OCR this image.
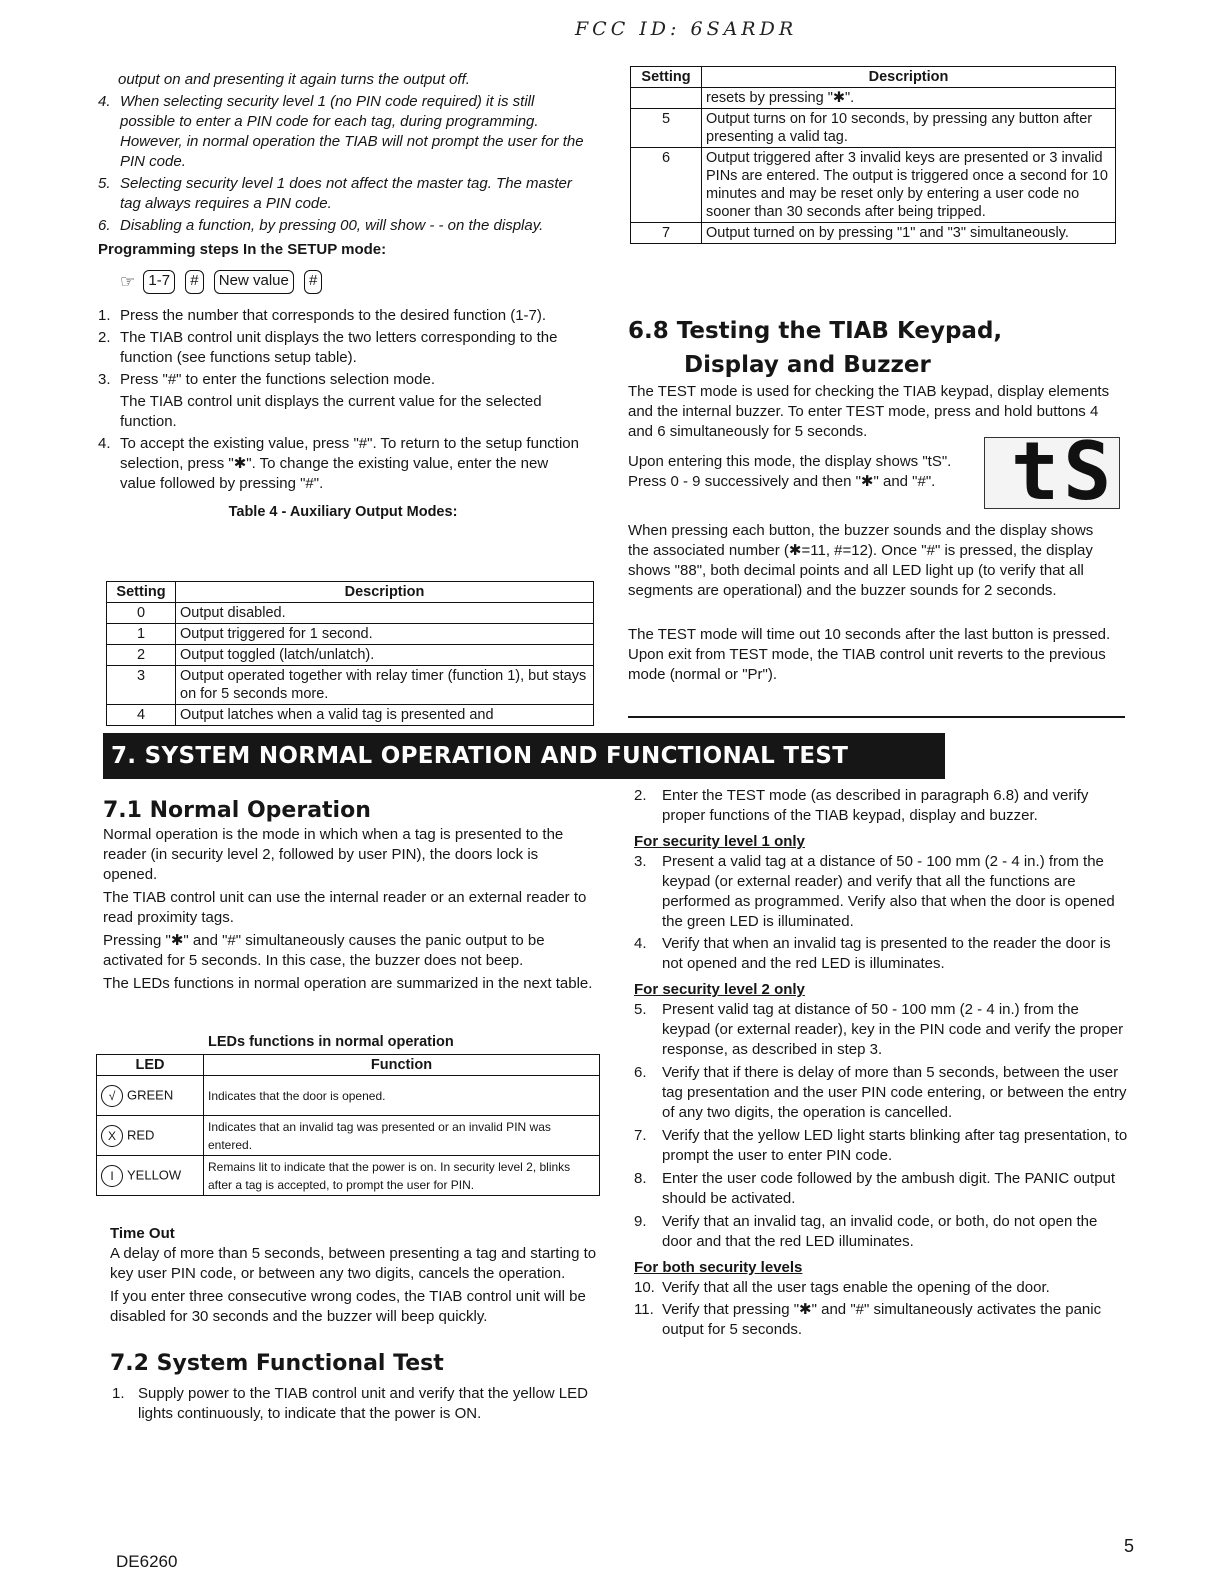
FCC ID: 6SARDR
output on and presenting it again turns the output off.
4. When selecting security level 1 (no PIN code required) it is still possible to enter a PIN code for each tag, during programming. However, in normal operation the TIAB will not prompt the user for the PIN code.
5. Selecting security level 1 does not affect the master tag. The master tag always requires a PIN code.
6. Disabling a function, by pressing 00, will show - - on the display.
Programming steps In the SETUP mode:
☞ 1-7 # New value #
1. Press the number that corresponds to the desired function (1-7).
2. The TIAB control unit displays the two letters corresponding to the function (see functions setup table).
3. Press "#" to enter the functions selection mode.
The TIAB control unit displays the current value for the selected function.
4. To accept the existing value, press "#". To return to the setup function selection, press "✱". To change the existing value, enter the new value followed by pressing "#".
Table 4 - Auxiliary Output Modes:
Setting	Description
0	Output disabled.
1	Output triggered for 1 second.
2	Output toggled (latch/unlatch).
3	Output operated together with relay timer (function 1), but stays on for 5 seconds more.
4	Output latches when a valid tag is presented and
Setting	Description
	resets by pressing "✱".
5	Output turns on for 10 seconds, by pressing any button after presenting a valid tag.
6	Output triggered after 3 invalid keys are presented or 3 invalid PINs are entered. The output is triggered once a second for 10 minutes and may be reset only by entering a user code no sooner than 30 seconds after being tripped.
7	Output turned on by pressing "1" and "3" simultaneously.
6.8 Testing the TIAB Keypad,
Display and Buzzer
The TEST mode is used for checking the TIAB keypad, display elements and the internal buzzer. To enter TEST mode, press and hold buttons 4 and 6 simultaneously for 5 seconds.
Upon entering this mode, the display shows "tS". Press 0 - 9 successively and then "✱" and "#". tS
When pressing each button, the buzzer sounds and the display shows the associated number (✱=11, #=12). Once "#" is pressed, the display shows "88", both decimal points and all LED light up (to verify that all segments are operational) and the buzzer sounds for 2 seconds.
The TEST mode will time out 10 seconds after the last button is pressed. Upon exit from TEST mode, the TIAB control unit reverts to the previous mode (normal or "Pr").
7. SYSTEM NORMAL OPERATION AND FUNCTIONAL TEST
7.1 Normal Operation
Normal operation is the mode in which when a tag is presented to the reader (in security level 2, followed by user PIN), the doors lock is opened.
The TIAB control unit can use the internal reader or an external reader to read proximity tags.
Pressing "✱" and "#" simultaneously causes the panic output to be activated for 5 seconds. In this case, the buzzer does not beep.
The LEDs functions in normal operation are summarized in the next table.
LEDs functions in normal operation
LED	Function
√ GREEN	Indicates that the door is opened.
X RED	Indicates that an invalid tag was presented or an invalid PIN was entered.
I YELLOW	Remains lit to indicate that the power is on. In security level 2, blinks after a tag is accepted, to prompt the user for PIN.
Time Out
A delay of more than 5 seconds, between presenting a tag and starting to key user PIN code, or between any two digits, cancels the operation.
If you enter three consecutive wrong codes, the TIAB control unit will be disabled for 30 seconds and the buzzer will beep quickly.
7.2 System Functional Test
1. Supply power to the TIAB control unit and verify that the yellow LED lights continuously, to indicate that the power is ON.
2. Enter the TEST mode (as described in paragraph 6.8) and verify proper functions of the TIAB keypad, display and buzzer.
For security level 1 only
3. Present a valid tag at a distance of 50 - 100 mm (2 - 4 in.) from the keypad (or external reader) and verify that all the functions are performed as programmed. Verify also that when the door is opened the green LED is illuminated.
4. Verify that when an invalid tag is presented to the reader the door is not opened and the red LED is illuminates.
For security level 2 only
5. Present valid tag at distance of 50 - 100 mm (2 - 4 in.) from the keypad (or external reader), key in the PIN code and verify the proper response, as described in step 3.
6. Verify that if there is delay of more than 5 seconds, between the user tag presentation and the user PIN code entering, or between the entry of any two digits, the operation is cancelled.
7. Verify that the yellow LED light starts blinking after tag presentation, to prompt the user to enter PIN code.
8. Enter the user code followed by the ambush digit. The PANIC output should be activated.
9. Verify that an invalid tag, an invalid code, or both, do not open the door and that the red LED illuminates.
For both security levels
10. Verify that all the user tags enable the opening of the door.
11. Verify that pressing "✱" and "#" simultaneously activates the panic output for 5 seconds.
DE6260
5
